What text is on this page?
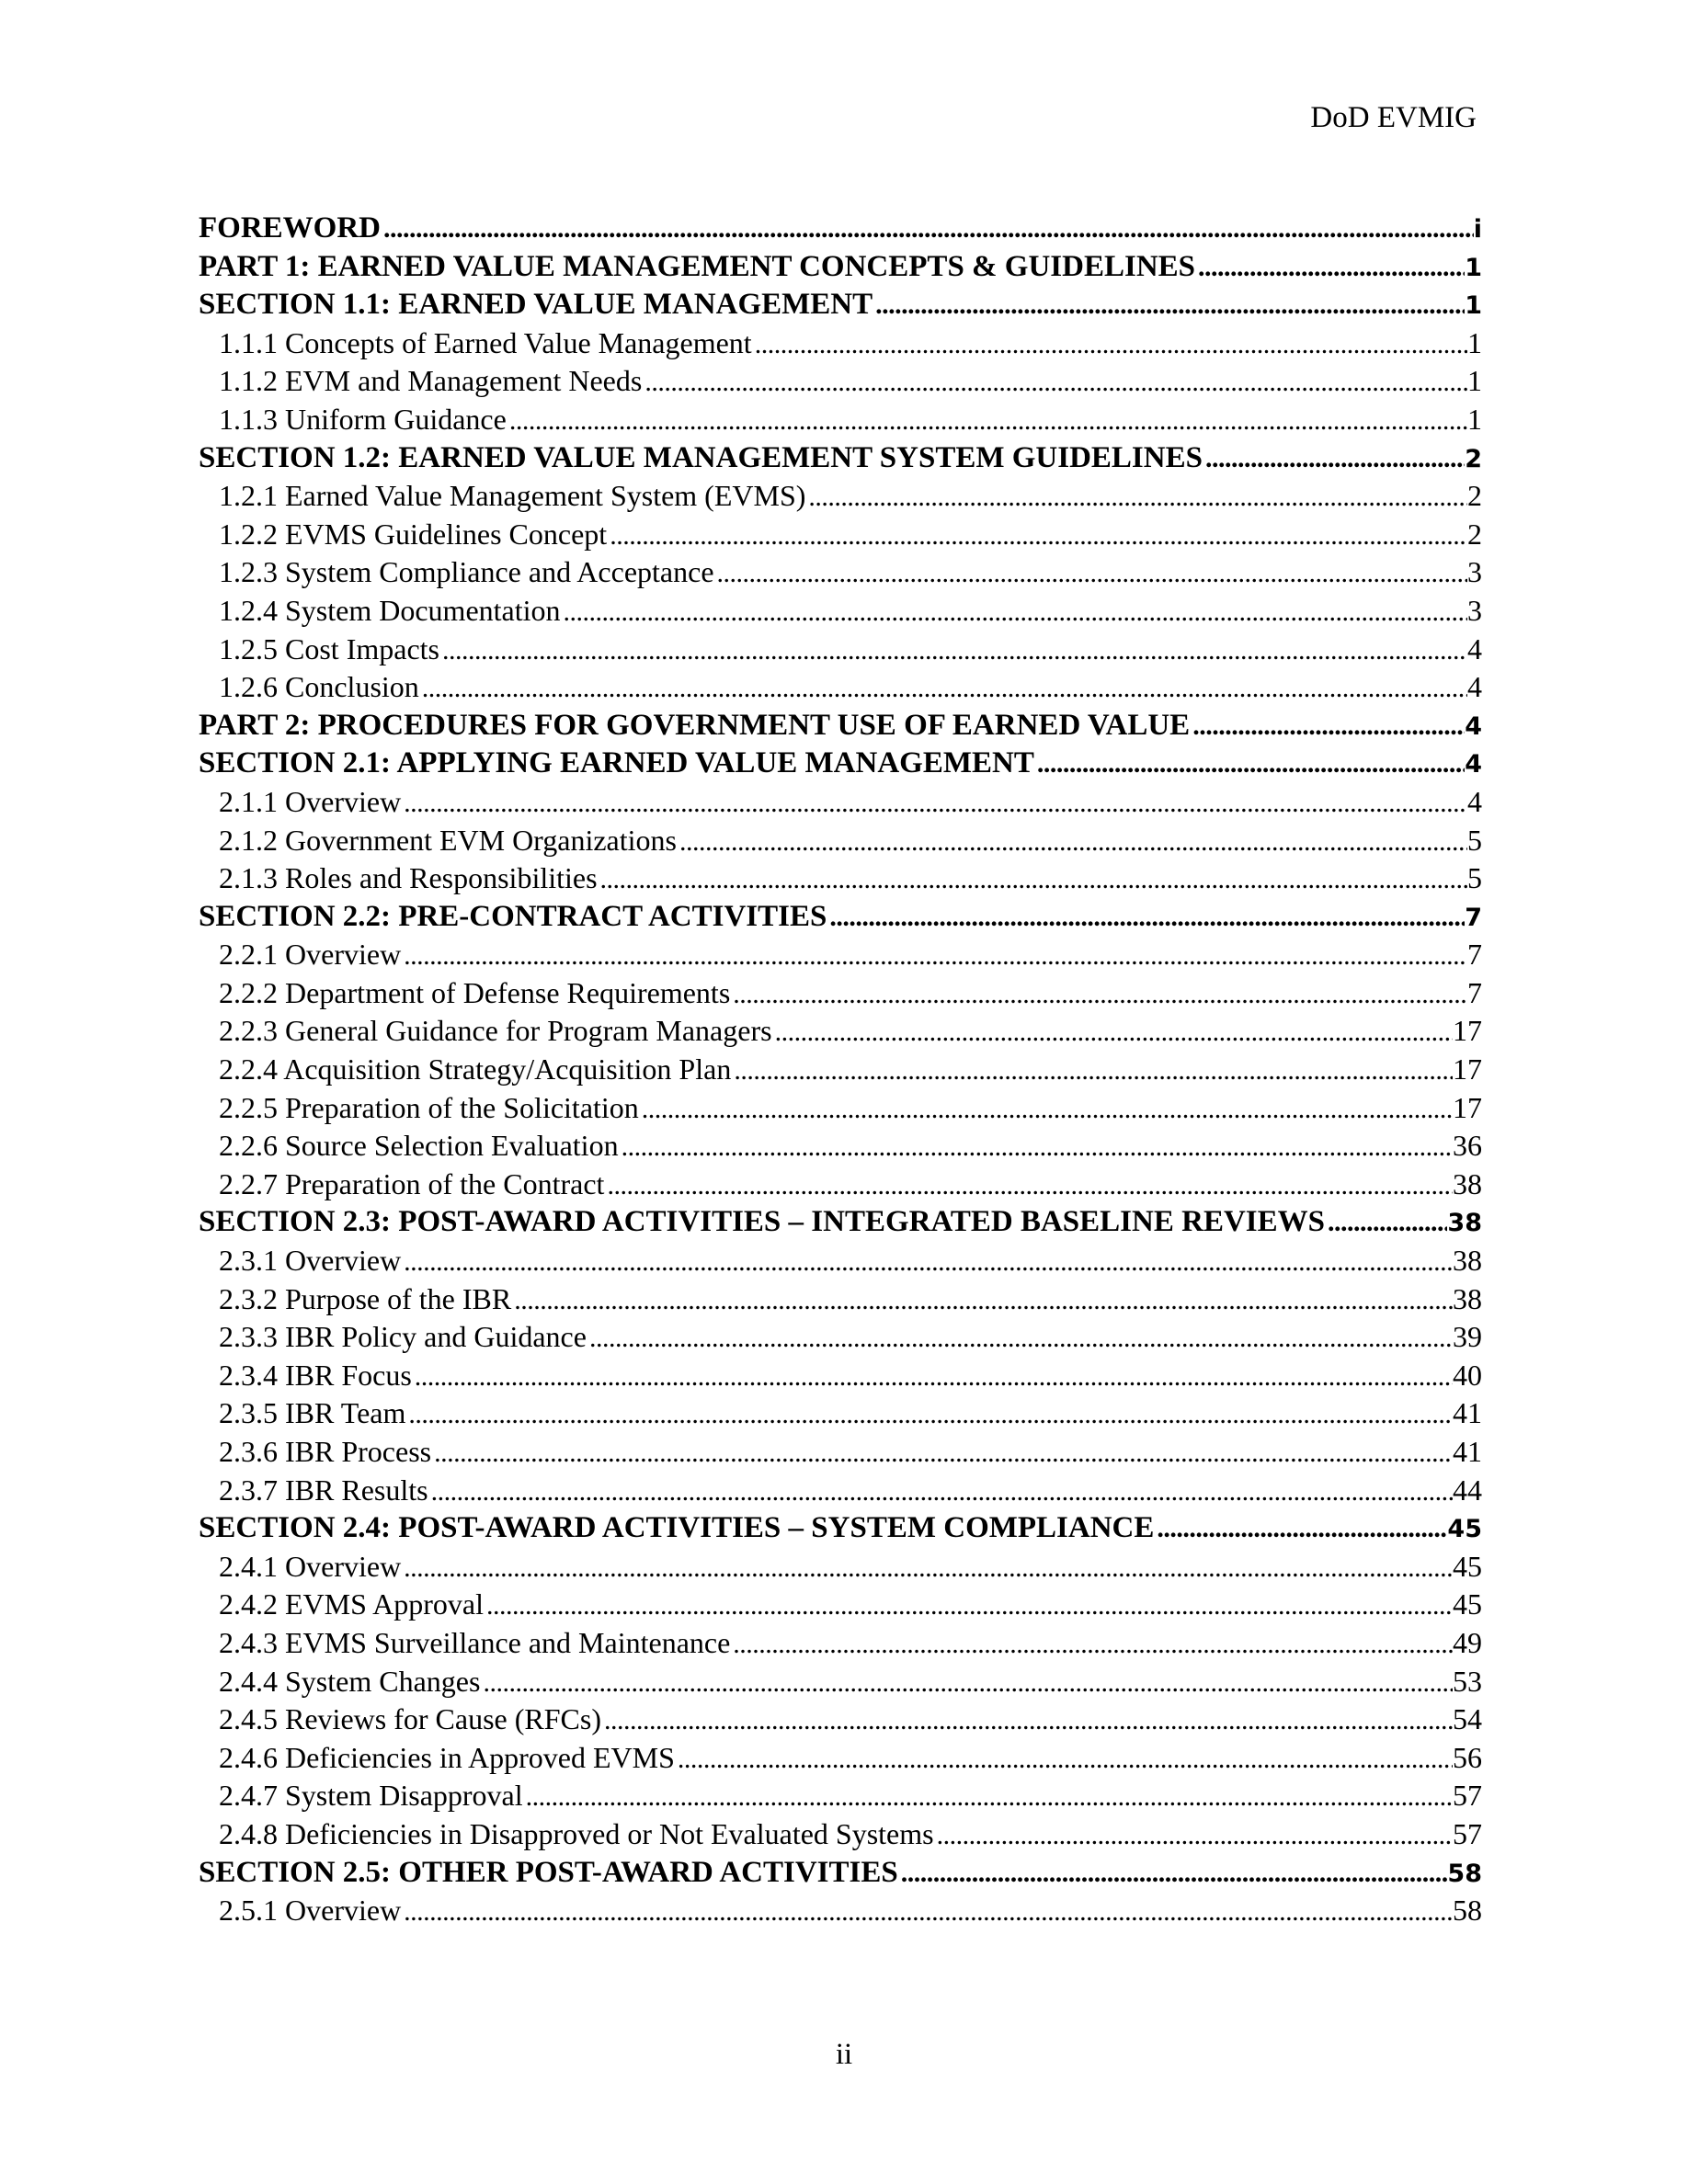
DoD EVMIG
FOREWORD . . .	i
PART 1: EARNED VALUE MANAGEMENT CONCEPTS & GUIDELINES . . .	1
SECTION 1.1: EARNED VALUE MANAGEMENT . . .	1
1.1.1 Concepts of Earned Value Management . . .	1
1.1.2 EVM and Management Needs . . .	1
1.1.3 Uniform Guidance . . .	1
SECTION 1.2: EARNED VALUE MANAGEMENT SYSTEM GUIDELINES . . .	2
1.2.1 Earned Value Management System (EVMS) . . .	2
1.2.2 EVMS Guidelines Concept . . .	2
1.2.3 System Compliance and Acceptance . . .	3
1.2.4 System Documentation . . .	3
1.2.5 Cost Impacts . . .	4
1.2.6 Conclusion . . .	4
PART 2: PROCEDURES FOR GOVERNMENT USE OF EARNED VALUE . . .	4
SECTION 2.1: APPLYING EARNED VALUE MANAGEMENT . . .	4
2.1.1 Overview . . .	4
2.1.2 Government EVM Organizations . . .	5
2.1.3 Roles and Responsibilities . . .	5
SECTION 2.2: PRE-CONTRACT ACTIVITIES . . .	7
2.2.1 Overview . . .	7
2.2.2 Department of Defense Requirements . . .	7
2.2.3 General Guidance for Program Managers . . .	17
2.2.4 Acquisition Strategy/Acquisition Plan . . .	17
2.2.5 Preparation of the Solicitation . . .	17
2.2.6 Source Selection Evaluation . . .	36
2.2.7 Preparation of the Contract . . .	38
SECTION 2.3: POST-AWARD ACTIVITIES – INTEGRATED BASELINE REVIEWS . . .	38
2.3.1 Overview . . .	38
2.3.2 Purpose of the IBR . . .	38
2.3.3 IBR Policy and Guidance . . .	39
2.3.4 IBR Focus . . .	40
2.3.5 IBR Team . . .	41
2.3.6 IBR Process . . .	41
2.3.7 IBR Results . . .	44
SECTION 2.4: POST-AWARD ACTIVITIES – SYSTEM COMPLIANCE . . .	45
2.4.1 Overview . . .	45
2.4.2 EVMS Approval . . .	45
2.4.3 EVMS Surveillance and Maintenance . . .	49
2.4.4 System Changes . . .	53
2.4.5 Reviews for Cause (RFCs) . . .	54
2.4.6 Deficiencies in Approved EVMS . . .	56
2.4.7 System Disapproval . . .	57
2.4.8 Deficiencies in Disapproved or Not Evaluated Systems . . .	57
SECTION 2.5: OTHER POST-AWARD ACTIVITIES . . .	58
2.5.1 Overview . . .	58
ii
